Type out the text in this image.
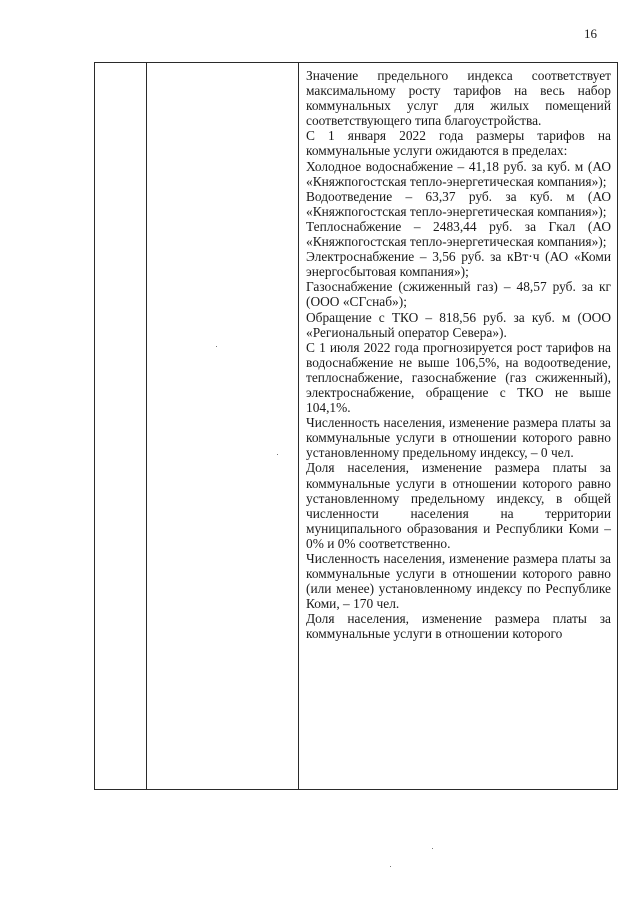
16

Значение предельного индекса соответствует максимальному росту тарифов на весь набор коммунальных услуг для жилых помещений соответствующего типа благоустройства.

С 1 января 2022 года размеры тарифов на коммунальные услуги ожидаются в пределах:

Холодное водоснабжение – 41,18 руб. за куб. м (АО «Княжпогостская тепло-энергетическая компания»);

Водоотведение – 63,37 руб. за куб. м (АО «Княжпогостская тепло-энергетическая компания»);

Теплоснабжение – 2483,44 руб. за Гкал (АО «Княжпогостская тепло-энергетическая компания»);

Электроснабжение – 3,56 руб. за кВт·ч (АО «Коми энергосбытовая компания»);

Газоснабжение (сжиженный газ) – 48,57 руб. за кг (ООО «СГснаб»);

Обращение с ТКО – 818,56 руб. за куб. м (ООО «Региональный оператор Севера»).

С 1 июля 2022 года прогнозируется рост тарифов на водоснабжение не выше 106,5%, на водоотведение, теплоснабжение, газоснабжение (газ сжиженный), электроснабжение, обращение с ТКО не выше 104,1%.

Численность населения, изменение размера платы за коммунальные услуги в отношении которого равно установленному предельному индексу, – 0 чел.

Доля населения, изменение размера платы за коммунальные услуги в отношении которого равно установленному предельному индексу, в общей численности населения на территории муниципального образования и Республики Коми – 0% и 0% соответственно.

Численность населения, изменение размера платы за коммунальные услуги в отношении которого равно (или менее) установленному индексу по Республике Коми, – 170 чел.

Доля населения, изменение размера платы за коммунальные услуги в отношении которого
